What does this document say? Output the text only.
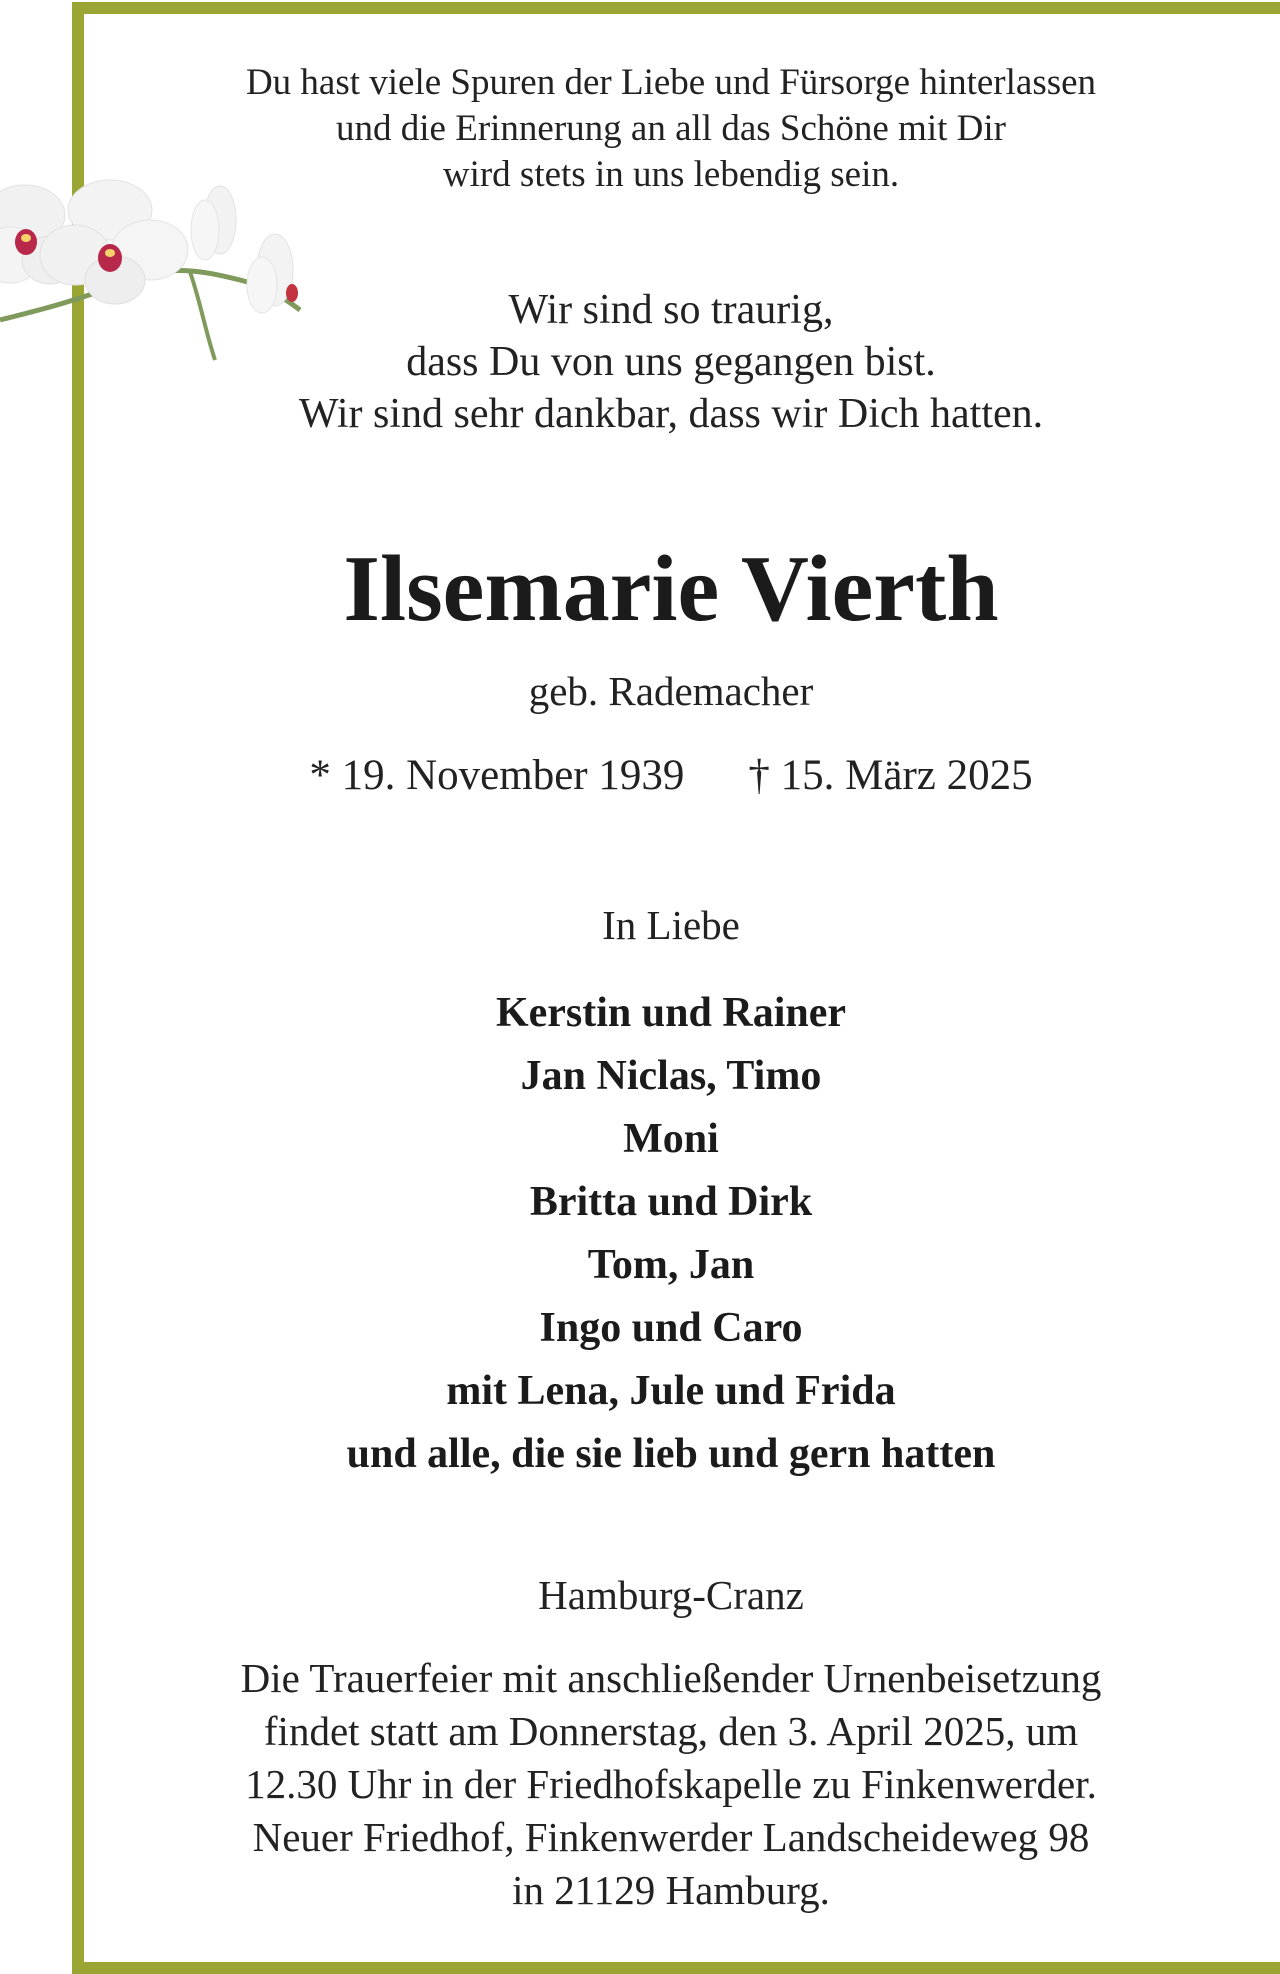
Du hast viele Spuren der Liebe und Fürsorge hinterlassen
und die Erinnerung an all das Schöne mit Dir
wird stets in uns lebendig sein.
Wir sind so traurig,
dass Du von uns gegangen bist.
Wir sind sehr dankbar, dass wir Dich hatten.
Ilsemarie Vierth
geb. Rademacher
* 19. November 1939 † 15. März 2025
In Liebe
Kerstin und Rainer
Jan Niclas, Timo
Moni
Britta und Dirk
Tom, Jan
Ingo und Caro
mit Lena, Jule und Frida
und alle, die sie lieb und gern hatten
Hamburg-Cranz
Die Trauerfeier mit anschließender Urnenbeisetzung
findet statt am Donnerstag, den 3. April 2025, um
12.30 Uhr in der Friedhofskapelle zu Finkenwerder.
Neuer Friedhof, Finkenwerder Landscheideweg 98
in 21129 Hamburg.
